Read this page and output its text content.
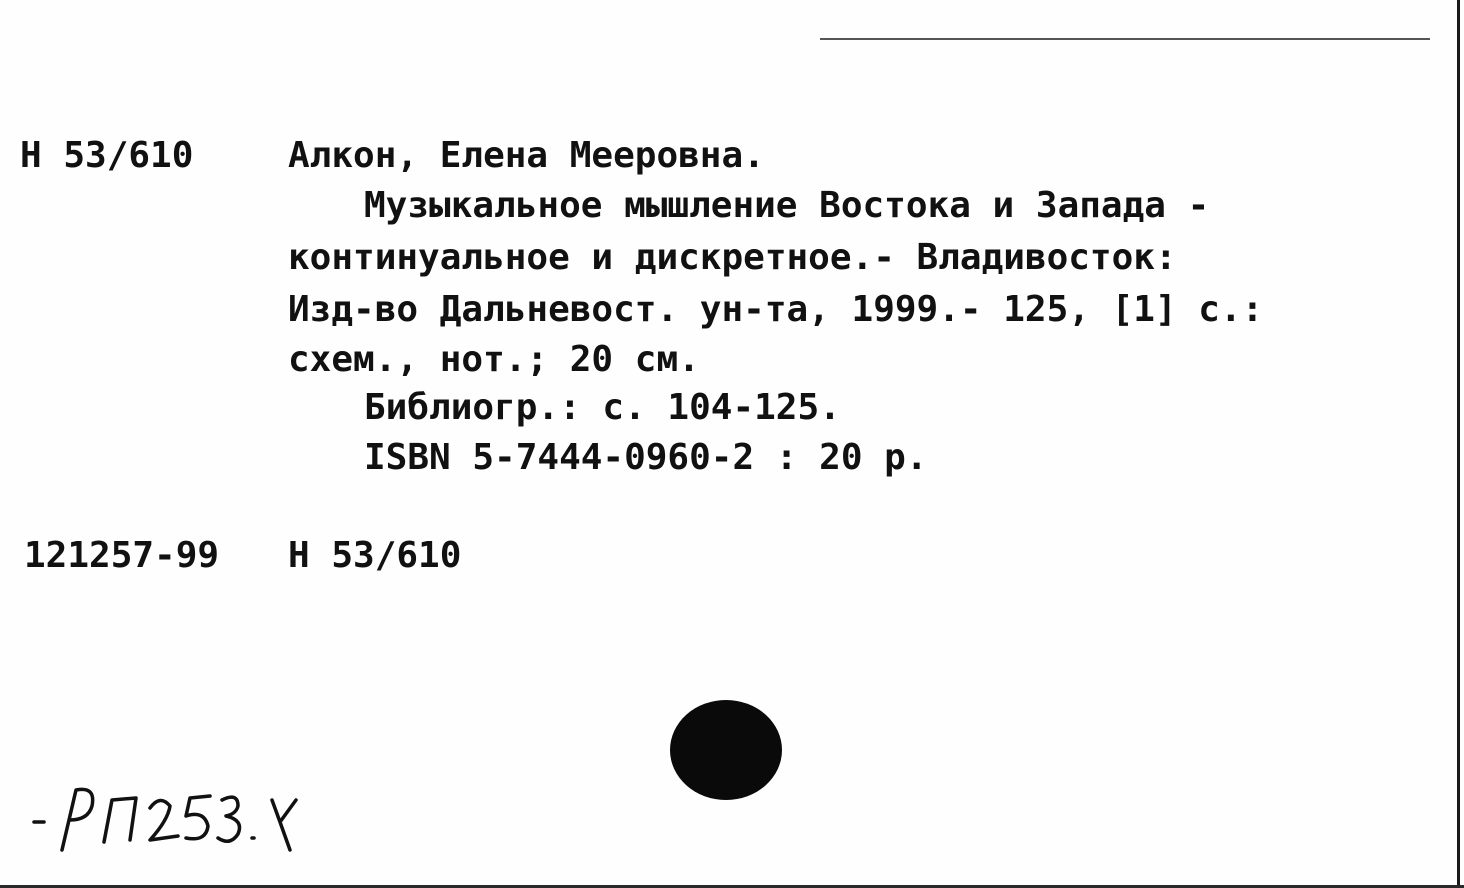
Н 53/610	Алкон, Елена Мееровна.
Музыкальное мышление Востока и Запада -
континуальное и дискретное.- Владивосток:
Изд-во Дальневост. ун-та, 1999.- 125, [1] с.:
схем., нот.; 20 см.
Библиогр.: с. 104-125.
ISBN 5-7444-0960-2 : 20 р.
121257-99 Н 53/610
